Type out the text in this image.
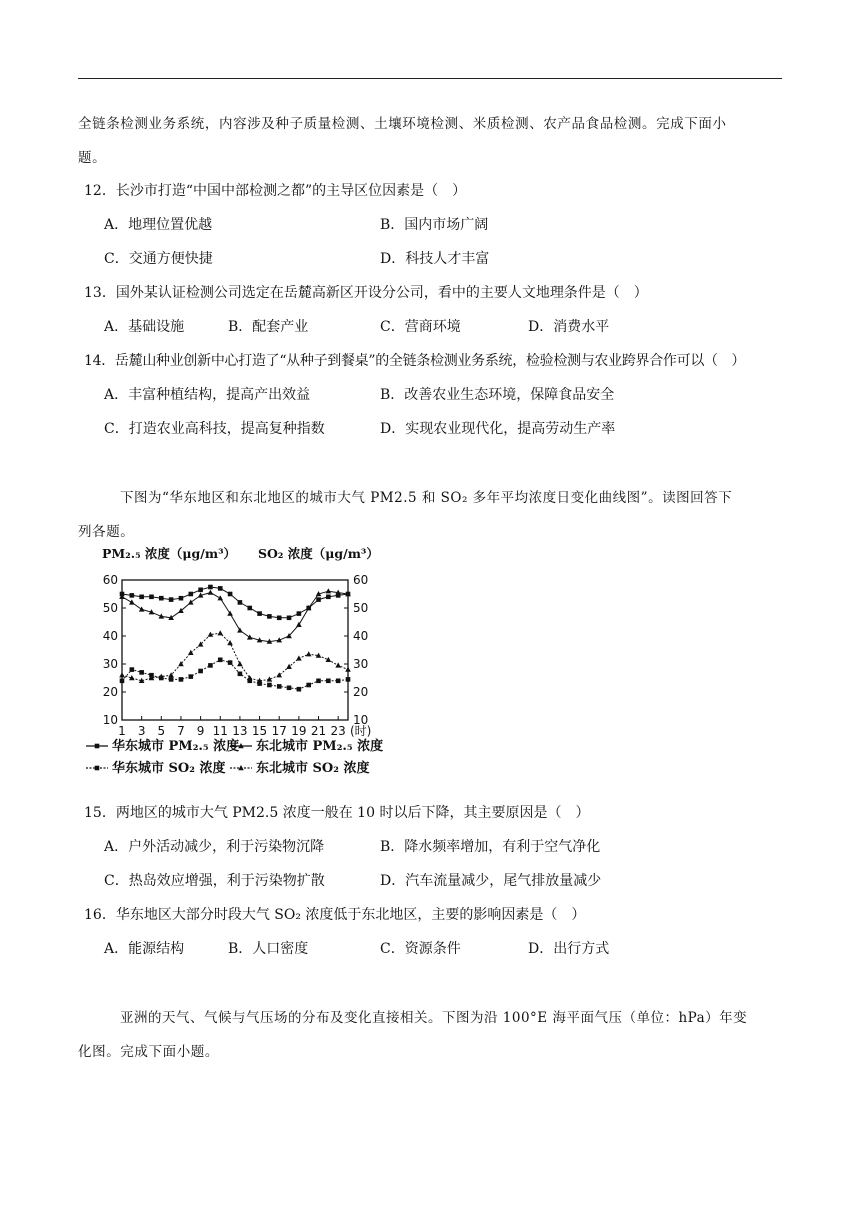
全链条检测业务系统，内容涉及种子质量检测、土壤环境检测、米质检测、农产品食品检测。完成下面小
题。
12．长沙市打造“中国中部检测之都”的主导区位因素是（　）
A．地理位置优越	B．国内市场广阔
C．交通方便快捷	D．科技人才丰富
13．国外某认证检测公司选定在岳麓高新区开设分公司，看中的主要人文地理条件是（　）
A．基础设施	B．配套产业	C．营商环境	D．消费水平
14．岳麓山种业创新中心打造了“从种子到餐桌”的全链条检测业务系统，检验检测与农业跨界合作可以（　）
A．丰富种植结构，提高产出效益	B．改善农业生态环境，保障食品安全
C．打造农业高科技，提高复种指数	D．实现农业现代化，提高劳动生产率
下图为“华东地区和东北地区的城市大气 PM2.5 和 SO₂ 多年平均浓度日变化曲线图”。读图回答下
列各题。
PM₂.₅ 浓度（μg/m³） SO₂ 浓度（μg/m³）
10	10
20	20
30	30
40	40
50	50
60	60
1 3 5 7 9 11 13 15 17 19 21 23 (时)
华东城市 PM₂.₅ 浓度 东北城市 PM₂.₅ 浓度
华东城市 SO₂ 浓度 东北城市 SO₂ 浓度
15．两地区的城市大气 PM2.5 浓度一般在 10 时以后下降，其主要原因是（　）
A．户外活动减少，利于污染物沉降	B．降水频率增加，有利于空气净化
C．热岛效应增强，利于污染物扩散	D．汽车流量减少，尾气排放量减少
16．华东地区大部分时段大气 SO₂ 浓度低于东北地区，主要的影响因素是（　）
A．能源结构	B．人口密度	C．资源条件	D．出行方式
亚洲的天气、气候与气压场的分布及变化直接相关。下图为沿 100°E 海平面气压（单位：hPa）年变
化图。完成下面小题。
